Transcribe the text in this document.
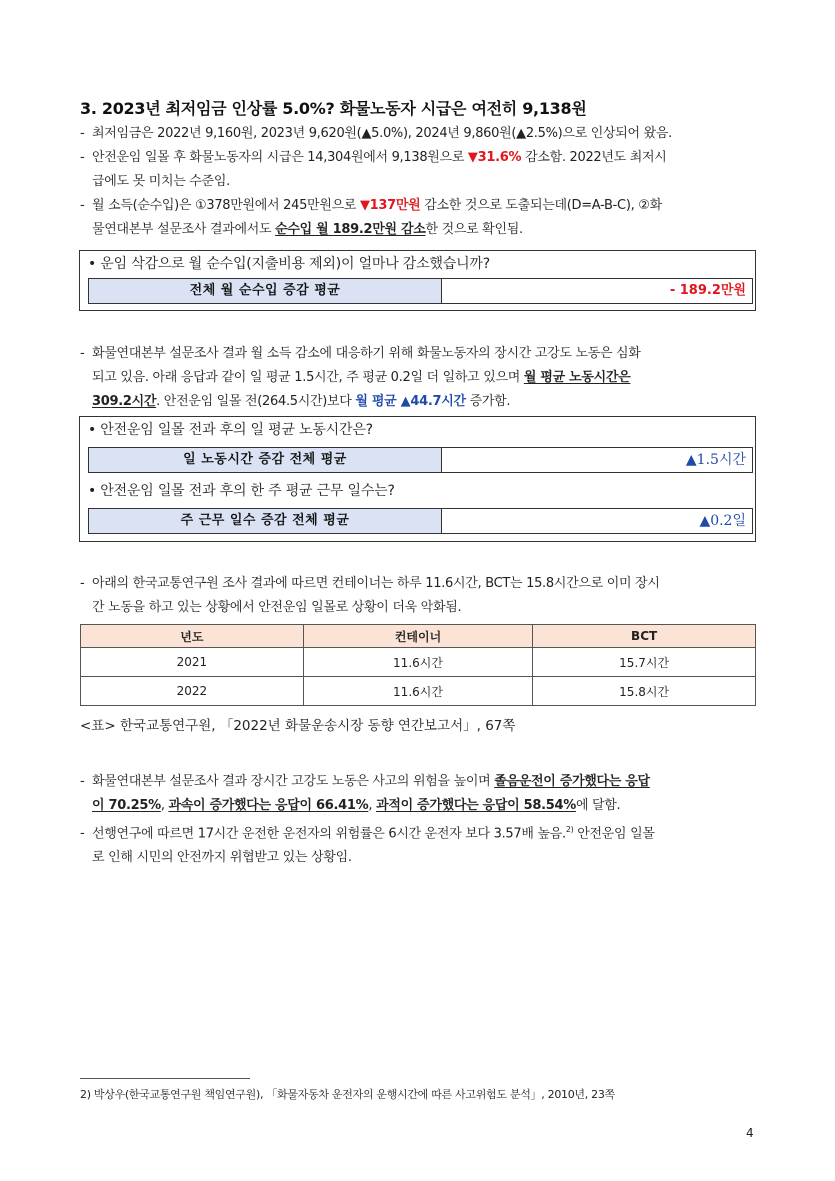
3. 2023년 최저임금 인상률 5.0%? 화물노동자 시급은 여전히 9,138원

- 최저임금은 2022년 9,160원, 2023년 9,620원(▲5.0%), 2024년 9,860원(▲2.5%)으로 인상되어 왔음.

- 안전운임 일몰 후 화물노동자의 시급은 14,304원에서 9,138원으로 ▼31.6% 감소함. 2022년도 최저시
급에도 못 미치는 수준임.

- 월 소득(순수입)은 ①378만원에서 245만원으로 ▼137만원 감소한 것으로 도출되는데(D=A-B-C), ②화
물연대본부 설문조사 결과에서도 순수입 월 189.2만원 감소한 것으로 확인됨.

• 운임 삭감으로 월 순수입(지출비용 제외)이 얼마나 감소했습니까?
전체 월 순수입 증감 평균	- 189.2만원

- 화물연대본부 설문조사 결과 월 소득 감소에 대응하기 위해 화물노동자의 장시간 고강도 노동은 심화
되고 있음. 아래 응답과 같이 일 평균 1.5시간, 주 평균 0.2일 더 일하고 있으며 월 평균 노동시간은
309.2시간. 안전운임 일몰 전(264.5시간)보다 월 평균 ▲44.7시간 증가함.

• 안전운임 일몰 전과 후의 일 평균 노동시간은?
일 노동시간 증감 전체 평균	▲1.5시간
• 안전운임 일몰 전과 후의 한 주 평균 근무 일수는?
주 근무 일수 증감 전체 평균	▲0.2일

- 아래의 한국교통연구원 조사 결과에 따르면 컨테이너는 하루 11.6시간, BCT는 15.8시간으로 이미 장시
간 노동을 하고 있는 상황에서 안전운임 일몰로 상황이 더욱 악화됨.

년도	컨테이너	BCT
2021	11.6시간	15.7시간
2022	11.6시간	15.8시간

<표> 한국교통연구원, 「2022년 화물운송시장 동향 연간보고서」, 67쪽

- 화물연대본부 설문조사 결과 장시간 고강도 노동은 사고의 위험을 높이며 졸음운전이 증가했다는 응답
이 70.25%, 과속이 증가했다는 응답이 66.41%, 과적이 증가했다는 응답이 58.54%에 달함.

- 선행연구에 따르면 17시간 운전한 운전자의 위험률은 6시간 운전자 보다 3.57배 높음.$^{2)}$ 안전운임 일몰
로 인해 시민의 안전까지 위협받고 있는 상황임.

2) 박상우(한국교통연구원 책임연구원), 「화물자동차 운전자의 운행시간에 따른 사고위험도 분석」, 2010년, 23쪽

4
